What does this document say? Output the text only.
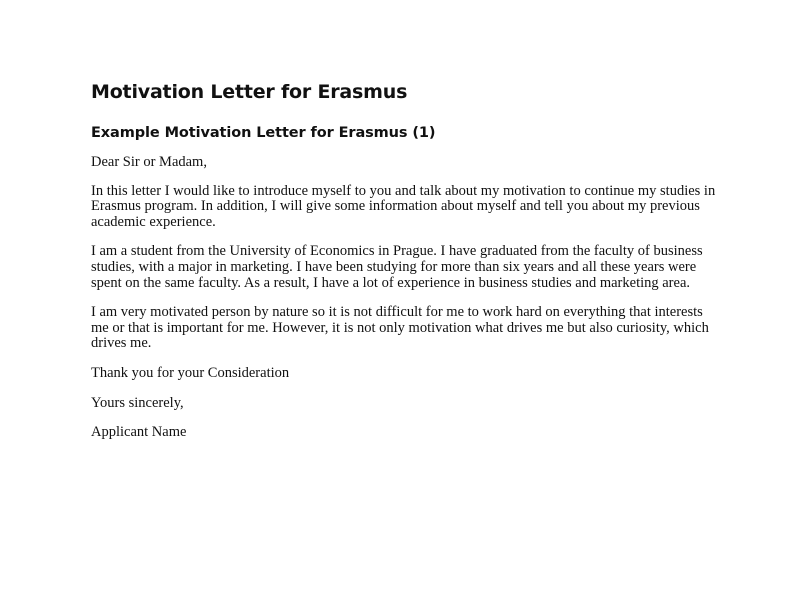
Motivation Letter for Erasmus
Example Motivation Letter for Erasmus (1)

Dear Sir or Madam,

In this letter I would like to introduce myself to you and talk about my motivation to continue my studies in Erasmus program. In addition, I will give some information about myself and tell you about my previous academic experience.

I am a student from the University of Economics in Prague. I have graduated from the faculty of business studies, with a major in marketing. I have been studying for more than six years and all these years were spent on the same faculty. As a result, I have a lot of experience in business studies and marketing area.

I am very motivated person by nature so it is not difficult for me to work hard on everything that interests me or that is important for me. However, it is not only motivation what drives me but also curiosity, which drives me.

Thank you for your Consideration

Yours sincerely,

Applicant Name
